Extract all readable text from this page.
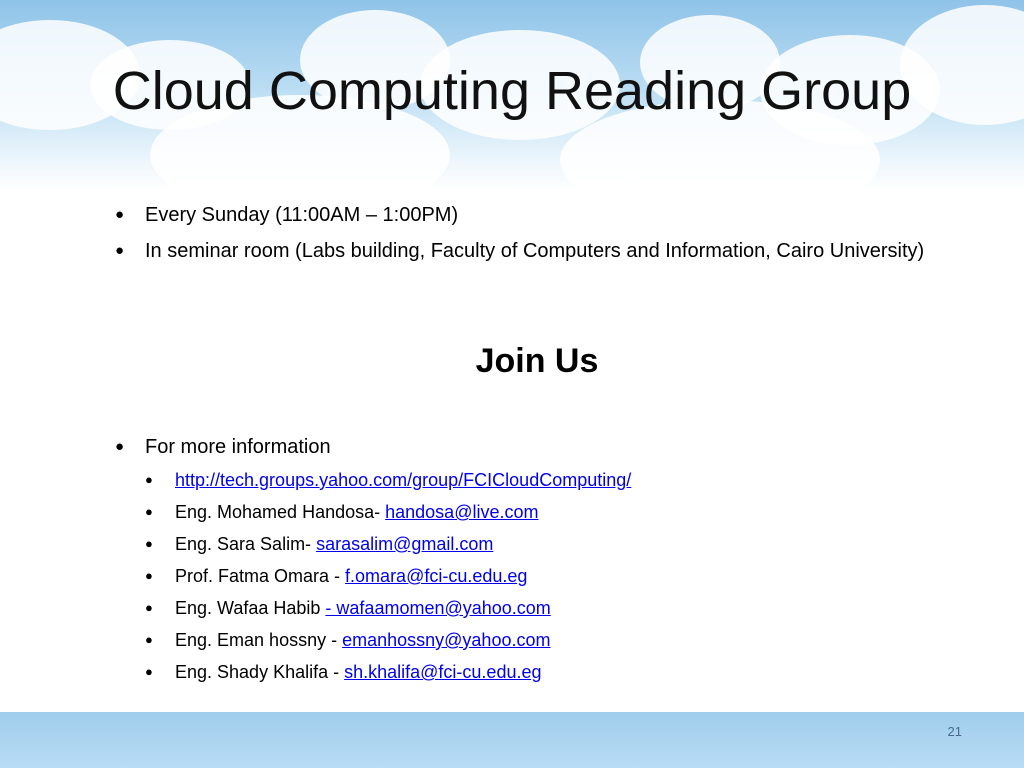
Cloud Computing Reading Group
● Every Sunday (11:00AM – 1:00PM)
● In seminar room (Labs building, Faculty of Computers and Information, Cairo University)
Join Us
● For more information
● http://tech.groups.yahoo.com/group/FCICloudComputing/
● Eng. Mohamed Handosa- handosa@live.com
● Eng. Sara Salim- sarasalim@gmail.com
● Prof. Fatma Omara - f.omara@fci-cu.edu.eg
● Eng. Wafaa Habib - wafaamomen@yahoo.com
● Eng. Eman hossny - emanhossny@yahoo.com
● Eng. Shady Khalifa - sh.khalifa@fci-cu.edu.eg
21
